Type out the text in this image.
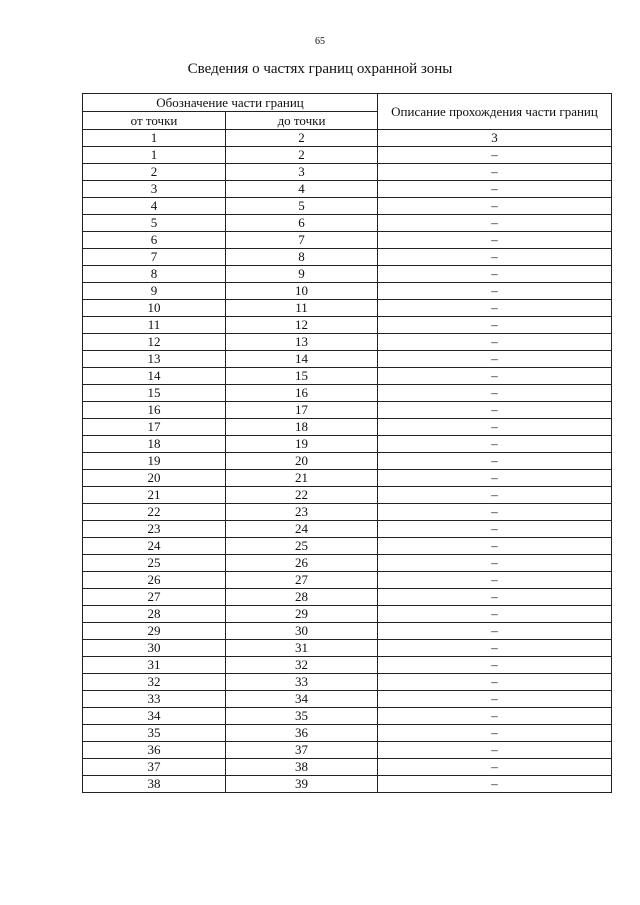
65
Сведения о частях границ охранной зоны
Обозначение части границ		Описание прохождения части границ
от точки	до точки	
1	2	3
1	2	–
2	3	–
3	4	–
4	5	–
5	6	–
6	7	–
7	8	–
8	9	–
9	10	–
10	11	–
11	12	–
12	13	–
13	14	–
14	15	–
15	16	–
16	17	–
17	18	–
18	19	–
19	20	–
20	21	–
21	22	–
22	23	–
23	24	–
24	25	–
25	26	–
26	27	–
27	28	–
28	29	–
29	30	–
30	31	–
31	32	–
32	33	–
33	34	–
34	35	–
35	36	–
36	37	–
37	38	–
38	39	–
